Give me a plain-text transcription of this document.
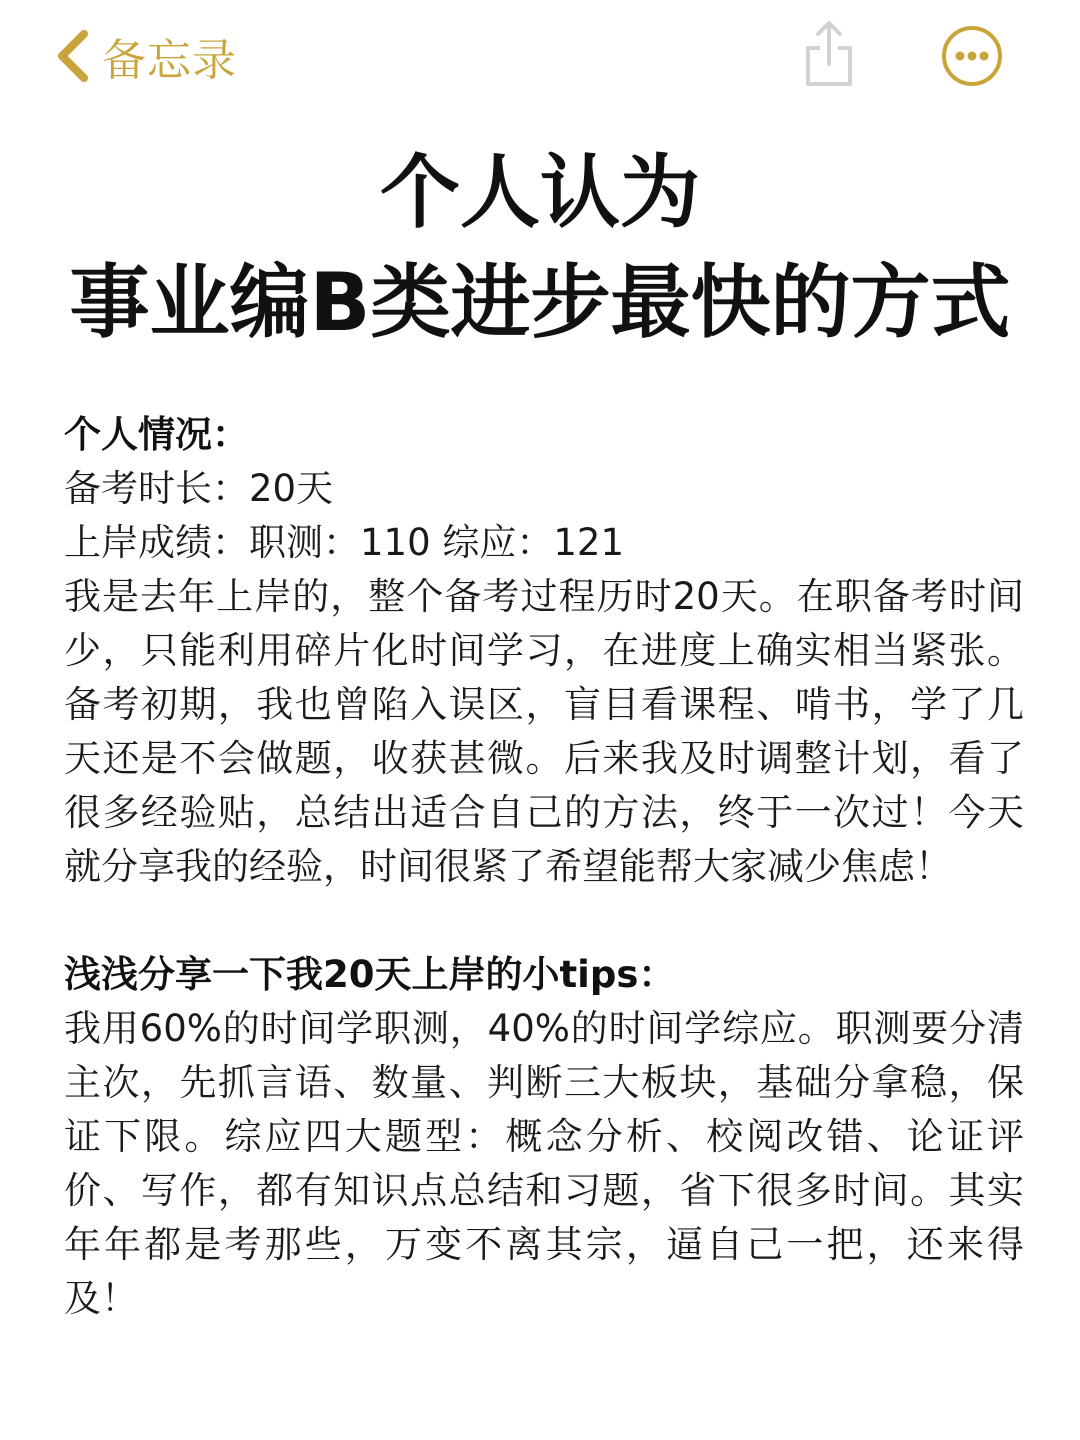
备忘录
个人认为
事业编B类进步最快的方式
个人情况：
备考时长：20天
上岸成绩：职测：110 综应：121
我是去年上岸的，整个备考过程历时20天。在职备考时间少，只能利用碎片化时间学习，在进度上确实相当紧张。备考初期，我也曾陷入误区，盲目看课程、啃书，学了几天还是不会做题，收获甚微。后来我及时调整计划，看了很多经验贴，总结出适合自己的方法，终于一次过！今天就分享我的经验，时间很紧了希望能帮大家减少焦虑！
浅浅分享一下我20天上岸的小tips：
我用60%的时间学职测，40%的时间学综应。职测要分清主次，先抓言语、数量、判断三大板块，基础分拿稳，保证下限。综应四大题型：概念分析、校阅改错、论证评价、写作，都有知识点总结和习题，省下很多时间。其实年年都是考那些，万变不离其宗，逼自己一把，还来得及！
